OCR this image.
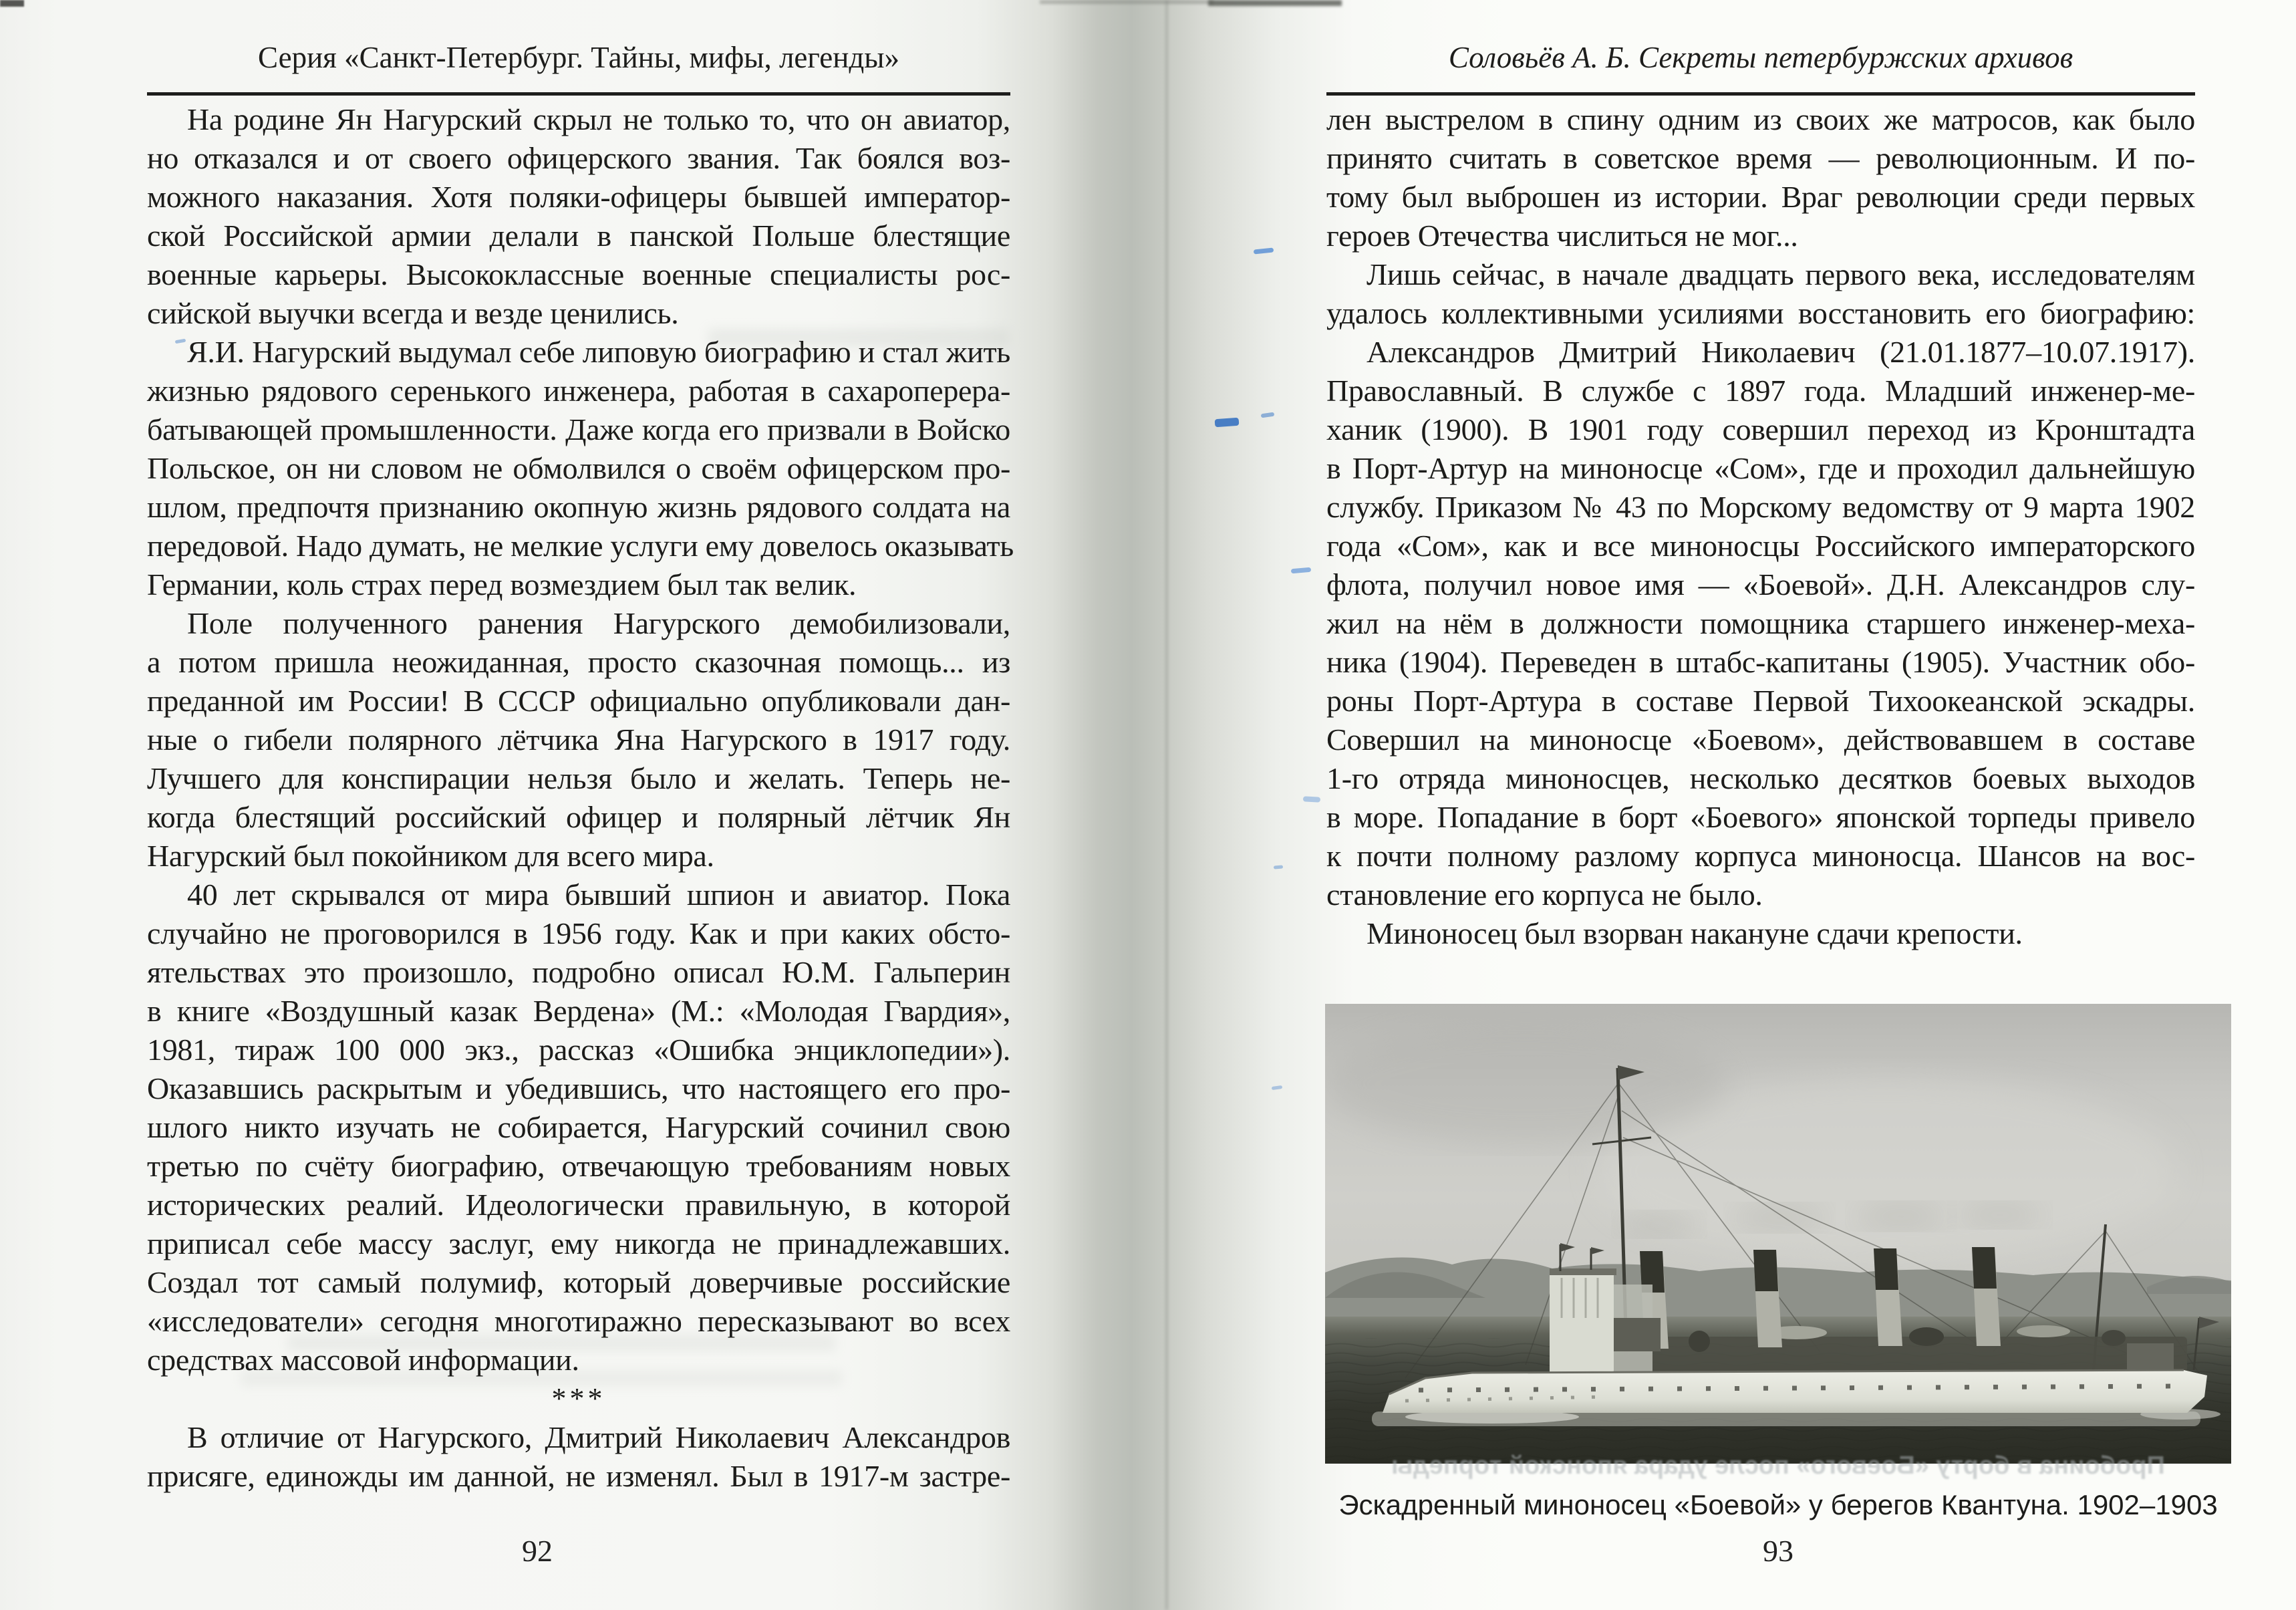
Серия «Санкт-Петербург. Тайны, мифы, легенды»
На родине Ян Нагурский скрыл не только то, что он авиатор,
но отказался и от своего офицерского звания. Так боялся воз-
можного наказания. Хотя поляки-офицеры бывшей император-
ской Российской армии делали в панской Польше блестящие
военные карьеры. Высококлассные военные специалисты рос-
сийской выучки всегда и везде ценились.
Я.И. Нагурский выдумал себе липовую биографию и стал жить
жизнью рядового серенького инженера, работая в сахароперера-
батывающей промышленности. Даже когда его призвали в Войско
Польское, он ни словом не обмолвился о своём офицерском про-
шлом, предпочтя признанию окопную жизнь рядового солдата на
передовой. Надо думать, не мелкие услуги ему довелось оказывать
Германии, коль страх перед возмездием был так велик.
Поле полученного ранения Нагурского демобилизовали,
а потом пришла неожиданная, просто сказочная помощь... из
преданной им России! В СССР официально опубликовали дан-
ные о гибели полярного лётчика Яна Нагурского в 1917 году.
Лучшего для конспирации нельзя было и желать. Теперь не-
когда блестящий российский офицер и полярный лётчик Ян
Нагурский был покойником для всего мира.
40 лет скрывался от мира бывший шпион и авиатор. Пока
случайно не проговорился в 1956 году. Как и при каких обсто-
ятельствах это произошло, подробно описал Ю.М. Гальперин
в книге «Воздушный казак Вердена» (М.: «Молодая Гвардия»,
1981, тираж 100 000 экз., рассказ «Ошибка энциклопедии»).
Оказавшись раскрытым и убедившись, что настоящего его про-
шлого никто изучать не собирается, Нагурский сочинил свою
третью по счёту биографию, отвечающую требованиям новых
исторических реалий. Идеологически правильную, в которой
приписал себе массу заслуг, ему никогда не принадлежавших.
Создал тот самый полумиф, который доверчивые российские
«исследователи» сегодня многотиражно пересказывают во всех
средствах массовой информации.
***
В отличие от Нагурского, Дмитрий Николаевич Александров
присяге, единожды им данной, не изменял. Был в 1917-м застре-
92
Соловьёв А. Б. Секреты петербуржских архивов
лен выстрелом в спину одним из своих же матросов, как было
принято считать в советское время — революционным. И по-
тому был выброшен из истории. Враг революции среди первых
героев Отечества числиться не мог...
Лишь сейчас, в начале двадцать первого века, исследователям
удалось коллективными усилиями восстановить его биографию:
Александров Дмитрий Николаевич (21.01.1877–10.07.1917).
Православный. В службе с 1897 года. Младший инженер-ме-
ханик (1900). В 1901 году совершил переход из Кронштадта
в Порт-Артур на миноносце «Сом», где и проходил дальнейшую
службу. Приказом № 43 по Морскому ведомству от 9 марта 1902
года «Сом», как и все миноносцы Российского императорского
флота, получил новое имя — «Боевой». Д.Н. Александров слу-
жил на нём в должности помощника старшего инженер-меха-
ника (1904). Переведен в штабс-капитаны (1905). Участник обо-
роны Порт-Артура в составе Первой Тихоокеанской эскадры.
Совершил на миноносце «Боевом», действовавшем в составе
1-го отряда миноносцев, несколько десятков боевых выходов
в море. Попадание в борт «Боевого» японской торпеды привело
к почти полному разлому корпуса миноносца. Шансов на вос-
становление его корпуса не было.
Миноносец был взорван накануне сдачи крепости.
Пробоина в борту «Боевого» после удара японской торпеды
Эскадренный миноносец «Боевой» у берегов Квантуна. 1902–1903
93
